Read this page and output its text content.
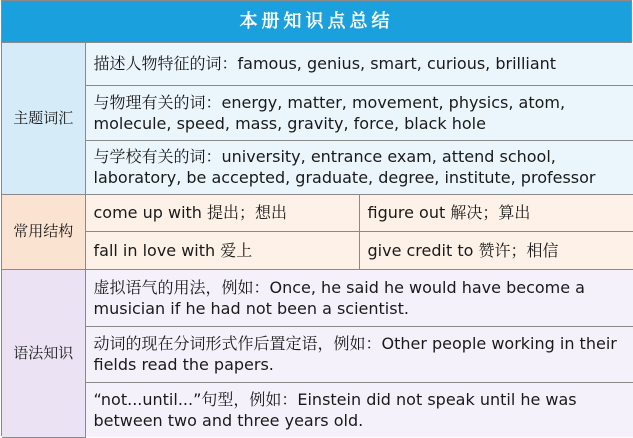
本册知识点总结
主题词汇	描述人物特征的词：famous, genius, smart, curious, brilliant	
	与物理有关的词：energy, matter, movement, physics, atom, molecule, speed, mass, gravity, force, black hole	
	与学校有关的词：university, entrance exam, attend school, laboratory, be accepted, graduate, degree, institute, professor	
常用结构	come up with 提出；想出	figure out 解决；算出
	fall in love with 爱上	give credit to 赞许；相信
语法知识	虚拟语气的用法，例如：Once, he said he would have become a musician if he had not been a scientist.	
	动词的现在分词形式作后置定语，例如：Other people working in their fields read the papers.	
	“not...until...”句型，例如：Einstein did not speak until he was between two and three years old.	
